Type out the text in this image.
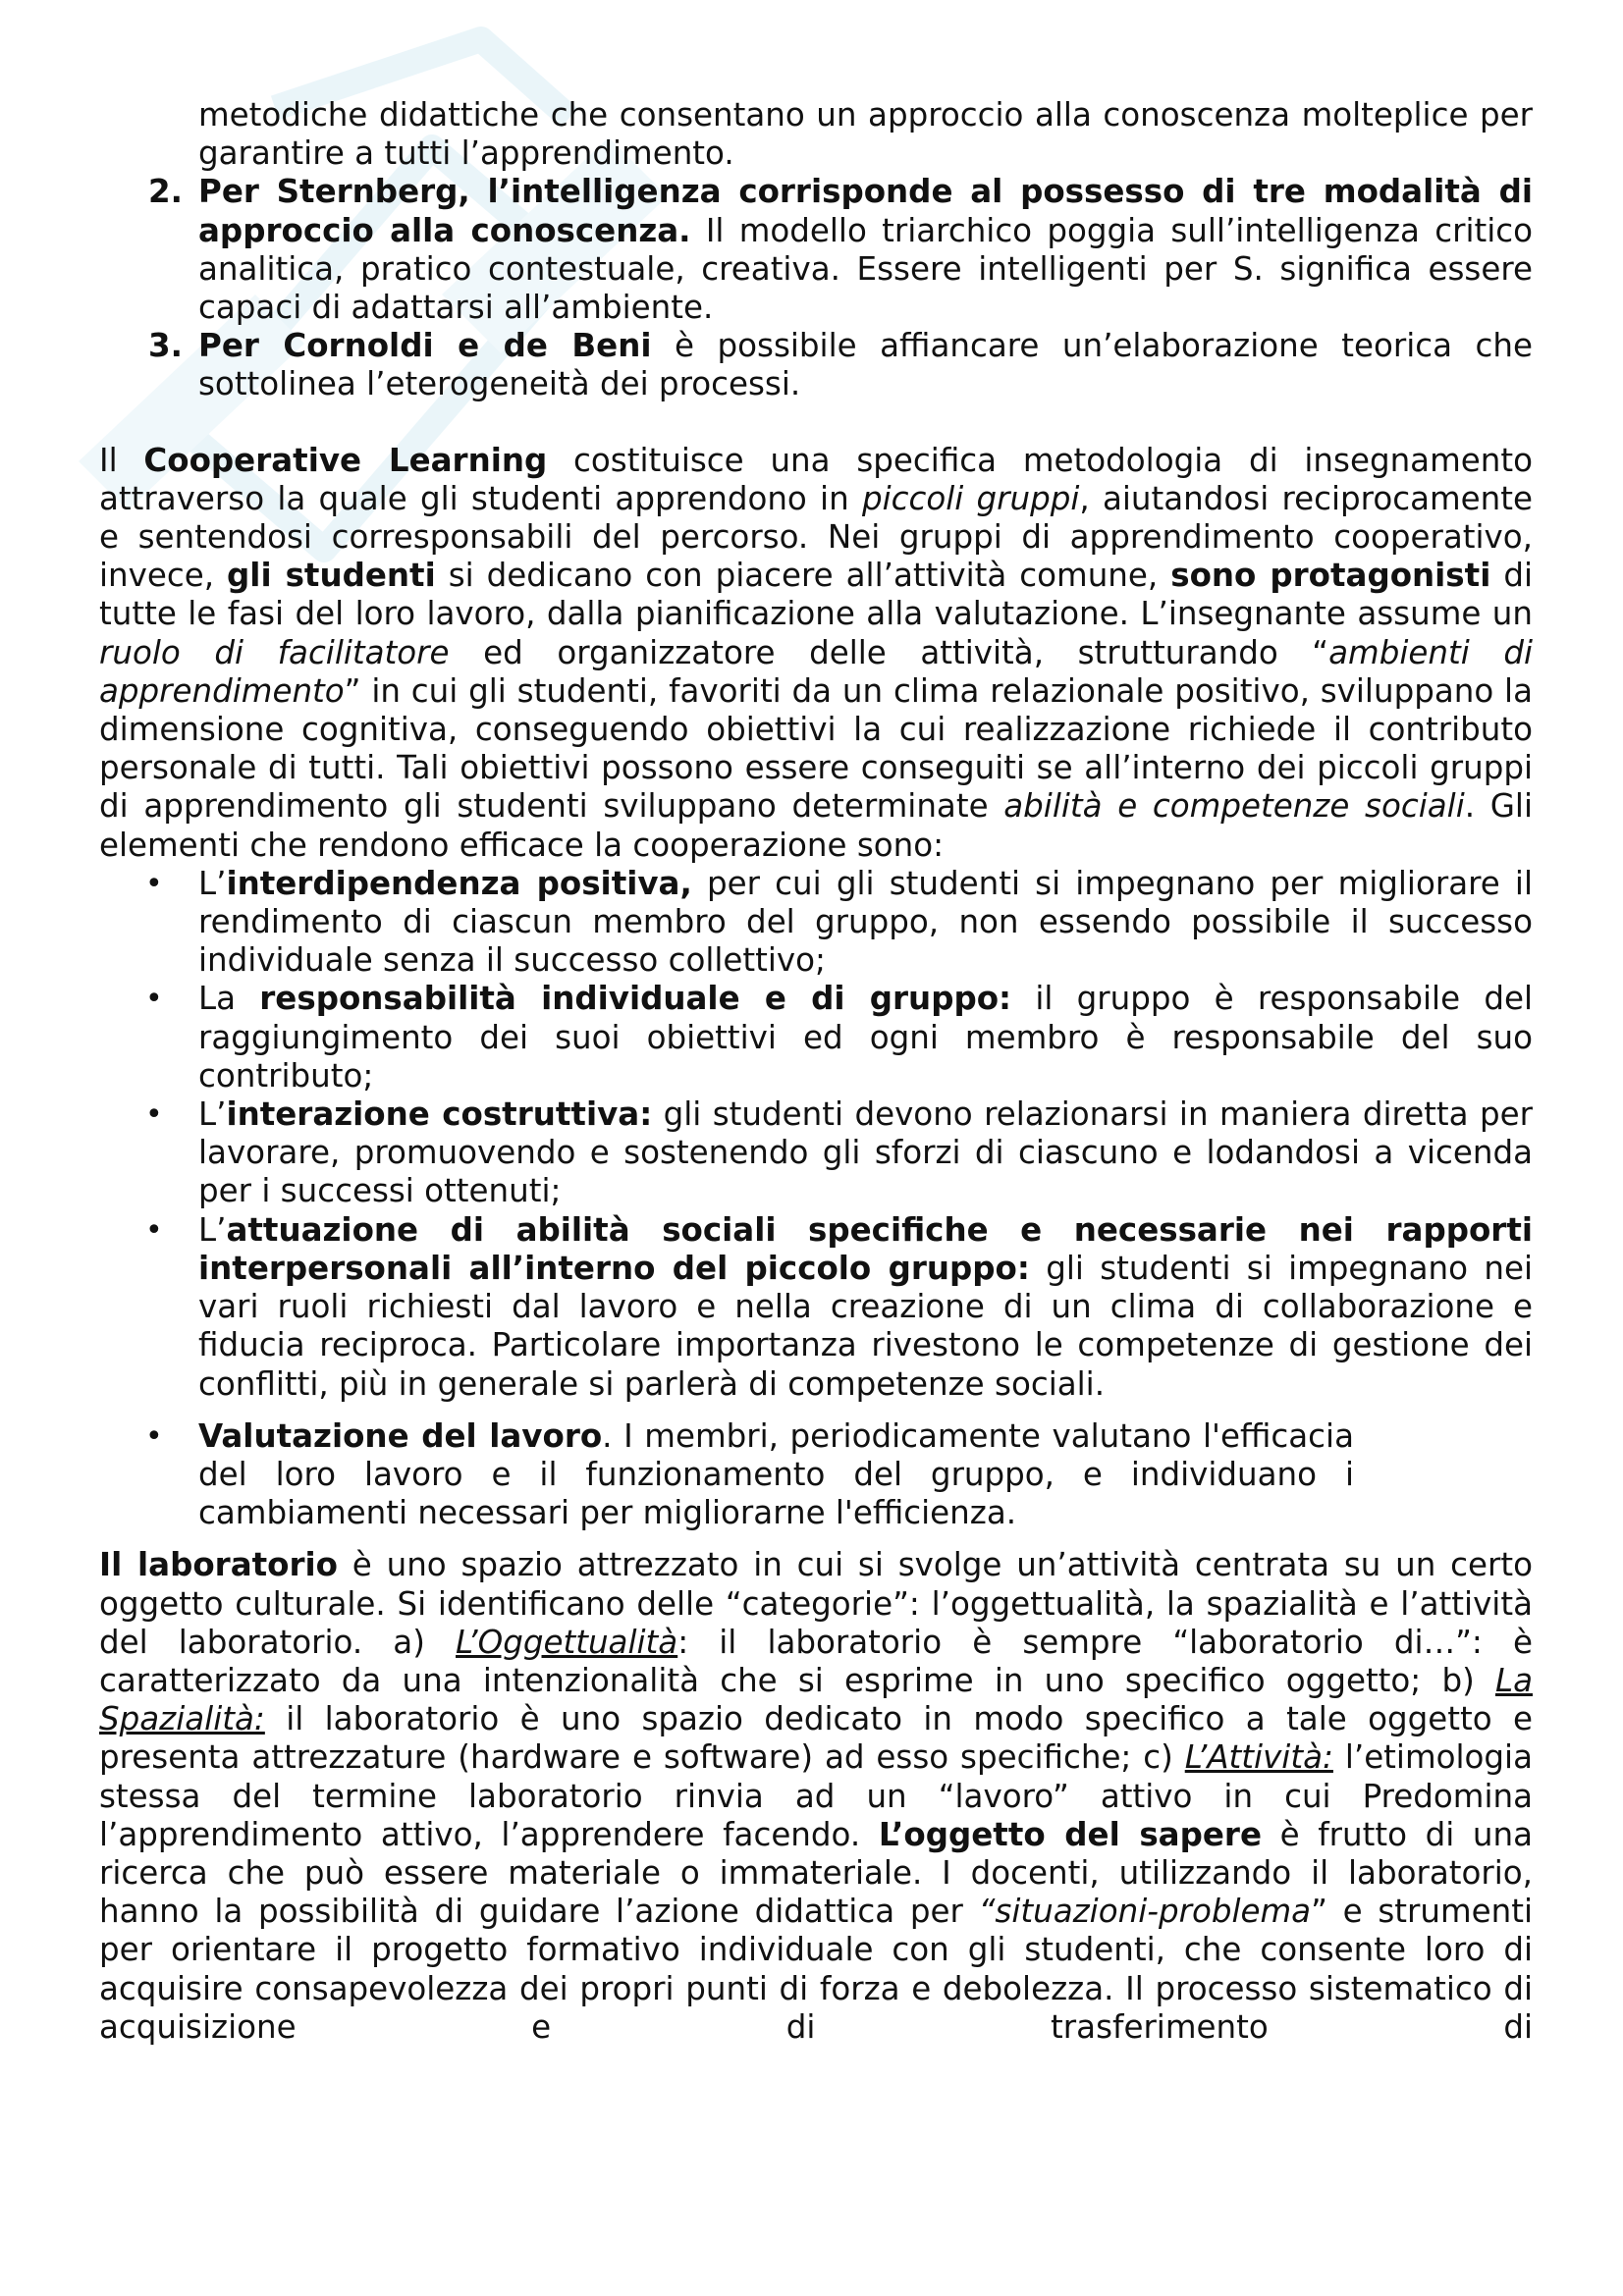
metodiche didattiche che consentano un approccio alla conoscenza molteplice per garantire a tutti l’apprendimento.
2. Per Sternberg, l’intelligenza corrisponde al possesso di tre modalità di approccio alla conoscenza. Il modello triarchico poggia sull’intelligenza critico analitica, pratico contestuale, creativa. Essere intelligenti per S. significa essere capaci di adattarsi all’ambiente.
3. Per Cornoldi e de Beni è possibile affiancare un’elaborazione teorica che sottolinea l’eterogeneità dei processi.

Il Cooperative Learning costituisce una specifica metodologia di insegnamento attraverso la quale gli studenti apprendono in piccoli gruppi, aiutandosi reciprocamente e sentendosi corresponsabili del percorso. Nei gruppi di apprendimento cooperativo, invece, gli studenti si dedicano con piacere all’attività comune, sono protagonisti di tutte le fasi del loro lavoro, dalla pianificazione alla valutazione. L’insegnante assume un ruolo di facilitatore ed organizzatore delle attività, strutturando “ambienti di apprendimento” in cui gli studenti, favoriti da un clima relazionale positivo, sviluppano la dimensione cognitiva, conseguendo obiettivi la cui realizzazione richiede il contributo personale di tutti. Tali obiettivi possono essere conseguiti se all’interno dei piccoli gruppi di apprendimento gli studenti sviluppano determinate abilità e competenze sociali. Gli elementi che rendono efficace la cooperazione sono:

• L’interdipendenza positiva, per cui gli studenti si impegnano per migliorare il rendimento di ciascun membro del gruppo, non essendo possibile il successo individuale senza il successo collettivo;
• La responsabilità individuale e di gruppo: il gruppo è responsabile del raggiungimento dei suoi obiettivi ed ogni membro è responsabile del suo contributo;
• L’interazione costruttiva: gli studenti devono relazionarsi in maniera diretta per lavorare, promuovendo e sostenendo gli sforzi di ciascuno e lodandosi a vicenda per i successi ottenuti;
• L’attuazione di abilità sociali specifiche e necessarie nei rapporti interpersonali all’interno del piccolo gruppo: gli studenti si impegnano nei vari ruoli richiesti dal lavoro e nella creazione di un clima di collaborazione e fiducia reciproca. Particolare importanza rivestono le competenze di gestione dei conflitti, più in generale si parlerà di competenze sociali.
• Valutazione del lavoro. I membri, periodicamente valutano l'efficacia del loro lavoro e il funzionamento del gruppo, e individuano i cambiamenti necessari per migliorarne l'efficienza.

Il laboratorio è uno spazio attrezzato in cui si svolge un’attività centrata su un certo oggetto culturale. Si identificano delle “categorie”: l’oggettualità, la spazialità e l’attività del laboratorio. a) L’Oggettualità: il laboratorio è sempre “laboratorio di…”: è caratterizzato da una intenzionalità che si esprime in uno specifico oggetto; b) La Spazialità: il laboratorio è uno spazio dedicato in modo specifico a tale oggetto e presenta attrezzature (hardware e software) ad esso specifiche; c) L’Attività: l’etimologia stessa del termine laboratorio rinvia ad un “lavoro” attivo in cui Predomina l’apprendimento attivo, l’apprendere facendo. L’oggetto del sapere è frutto di una ricerca che può essere materiale o immateriale. I docenti, utilizzando il laboratorio, hanno la possibilità di guidare l’azione didattica per “situazioni-problema” e strumenti per orientare il progetto formativo individuale con gli studenti, che consente loro di acquisire consapevolezza dei propri punti di forza e debolezza. Il processo sistematico di acquisizione e di trasferimento di
